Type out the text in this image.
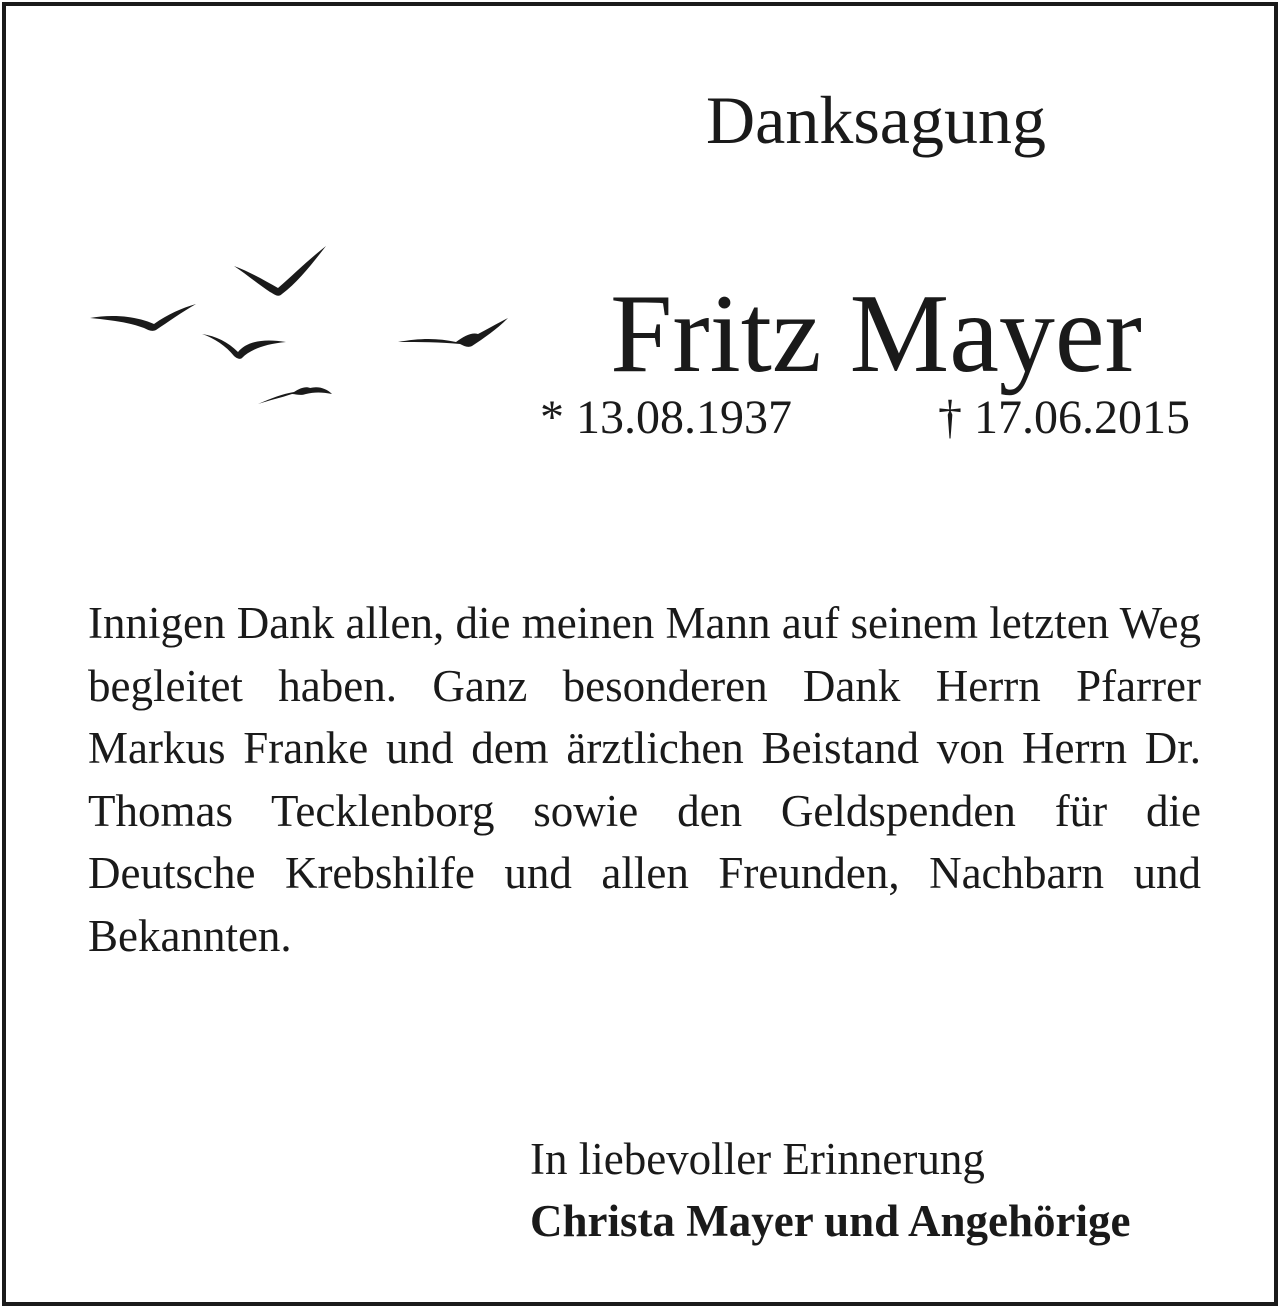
Danksagung
Fritz Mayer
* 13.08.1937	† 17.06.2015
Innigen Dank allen, die meinen Mann auf seinem letzten Weg begleitet haben. Ganz besonderen Dank Herrn Pfarrer Markus Franke und dem ärztlichen Beistand von Herrn Dr. Thomas Tecklenborg sowie den Geldspenden für die Deutsche Krebshilfe und allen Freunden, Nachbarn und Bekannten.
In liebevoller Erinnerung
Christa Mayer und Angehörige
